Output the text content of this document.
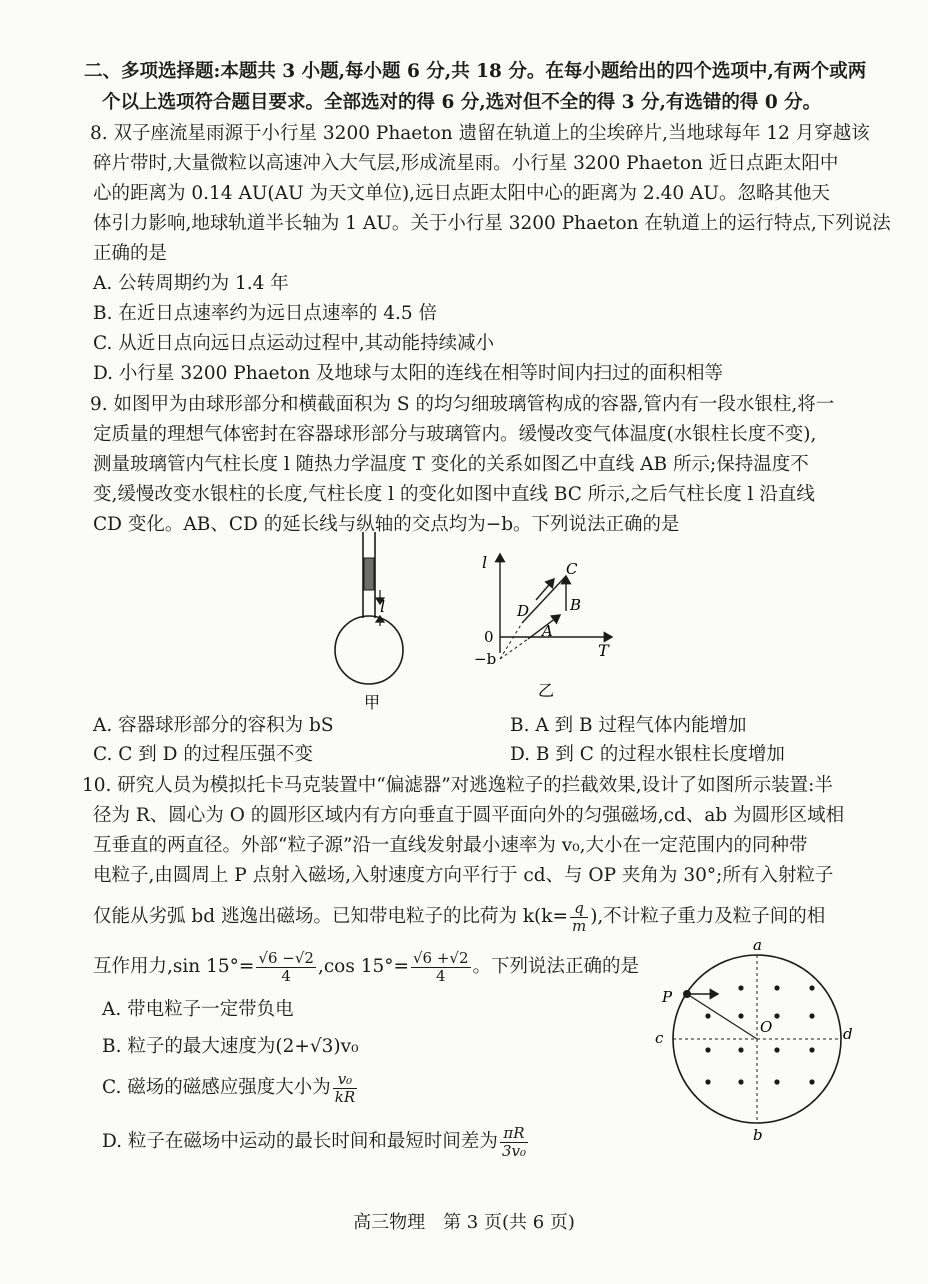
二、多项选择题:本题共 3 小题,每小题 6 分,共 18 分。在每小题给出的四个选项中,有两个或两
个以上选项符合题目要求。全部选对的得 6 分,选对但不全的得 3 分,有选错的得 0 分。
8. 双子座流星雨源于小行星 3200 Phaeton 遗留在轨道上的尘埃碎片,当地球每年 12 月穿越该
碎片带时,大量微粒以高速冲入大气层,形成流星雨。小行星 3200 Phaeton 近日点距太阳中
心的距离为 0.14 AU(AU 为天文单位),远日点距太阳中心的距离为 2.40 AU。忽略其他天
体引力影响,地球轨道半长轴为 1 AU。关于小行星 3200 Phaeton 在轨道上的运行特点,下列说法
正确的是
A. 公转周期约为 1.4 年
B. 在近日点速率约为远日点速率的 4.5 倍
C. 从近日点向远日点运动过程中,其动能持续减小
D. 小行星 3200 Phaeton 及地球与太阳的连线在相等时间内扫过的面积相等
9. 如图甲为由球形部分和横截面积为 S 的均匀细玻璃管构成的容器,管内有一段水银柱,将一
定质量的理想气体密封在容器球形部分与玻璃管内。缓慢改变气体温度(水银柱长度不变),
测量玻璃管内气柱长度 l 随热力学温度 T 变化的关系如图乙中直线 AB 所示;保持温度不
变,缓慢改变水银柱的长度,气柱长度 l 的变化如图中直线 BC 所示,之后气柱长度 l 沿直线
CD 变化。AB、CD 的延长线与纵轴的交点均为−b。下列说法正确的是
l
甲
l
T
0
−b
A
B
C
D
乙
A. 容器球形部分的容积为 bS	B. A 到 B 过程气体内能增加
C. C 到 D 的过程压强不变	D. B 到 C 的过程水银柱长度增加
10. 研究人员为模拟托卡马克装置中“偏滤器”对逃逸粒子的拦截效果,设计了如图所示装置:半
径为 R、圆心为 O 的圆形区域内有方向垂直于圆平面向外的匀强磁场,cd、ab 为圆形区域相
互垂直的两直径。外部“粒子源”沿一直线发射最小速率为 v₀,大小在一定范围内的同种带
电粒子,由圆周上 P 点射入磁场,入射速度方向平行于 cd、与 OP 夹角为 30°;所有入射粒子
仅能从劣弧 bd 逃逸出磁场。已知带电粒子的比荷为 $k(k= \frac{q}{m}$ ),不计粒子重力及粒子间的相
互作用力,sin $15^\circ= \frac{√6 -√2}{4} ,\cos$ $15^\circ= \frac{√6 +√2}{4}$ 。下列说法正确的是
A. 带电粒子一定带负电
B. 粒子的最大速度为(2+√3)v₀
C. 磁场的磁感应强度大小为 $\frac{\text{v₀}}{kR}$
D. 粒子在磁场中运动的最长时间和最短时间差为 $\frac{\pi R}{\text{3v₀}}$
a
b
c	d
P
O
高三物理　第 3 页(共 6 页)
